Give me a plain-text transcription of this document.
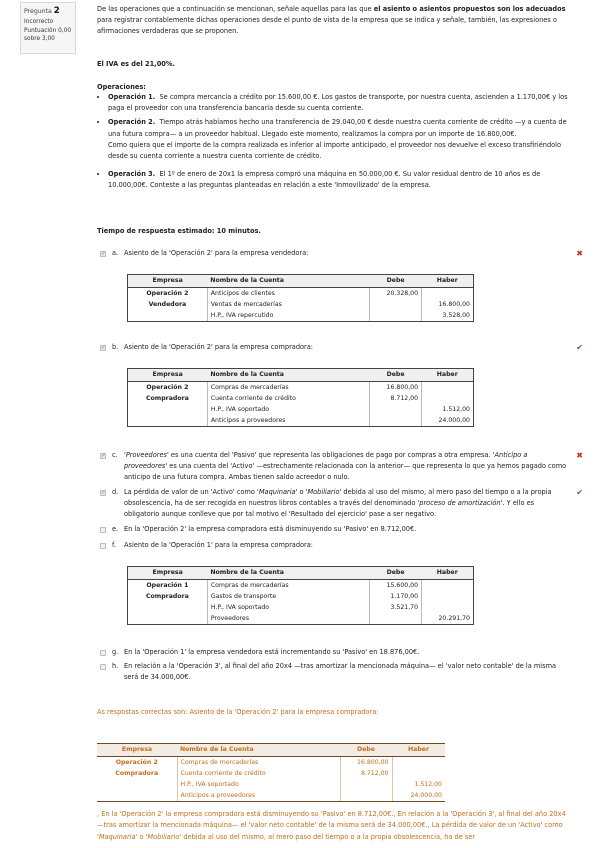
Pregunta 2
Incorrecto
Puntuación 0,00 sobre 3,00

De las operaciones que a continuación se mencionan, señale aquellas para las que el asiento o asientos propuestos son los adecuados para registrar contablemente dichas operaciones desde el punto de vista de la empresa que se indica y señale, también, las expresiones o afirmaciones verdaderas que se proponen.

El IVA es del 21,00%.

Operaciones:

• Operación 1. Se compra mercancía a crédito por 15.600,00 €. Los gastos de transporte, por nuestra cuenta, ascienden a 1.170,00€ y los paga el proveedor con una transferencia bancaria desde su cuenta corriente.
• Operación 2. Tiempo atrás habíamos hecho una transferencia de 29.040,00 € desde nuestra cuenta corriente de crédito —y a cuenta de una futura compra— a un proveedor habitual. Llegado este momento, realizamos la compra por un importe de 16.800,00€.
Como quiera que el importe de la compra realizada es inferior al importe anticipado, el proveedor nos devuelve el exceso transfiriéndolo desde su cuenta corriente a nuestra cuenta corriente de crédito.
• Operación 3. El 1º de enero de 20x1 la empresa compró una máquina en 50.000,00 €. Su valor residual dentro de 10 años es de 10.000,00€. Conteste a las preguntas planteadas en relación a este 'Inmovilizado' de la empresa.

Tiempo de respuesta estimado: 10 minutos.

✓
a. Asiento de la 'Operación 2' para la empresa vendedora:	✖
Empresa	Nombre de la Cuenta	Debe	Haber
Operación 2	Anticipos de clientes	20.328,00	
Vendedora	Ventas de mercaderías		16.800,00
	H.P., IVA repercutido		3.528,00
✓
b. Asiento de la 'Operación 2' para la empresa compradora:	✔
Empresa	Nombre de la Cuenta	Debe	Haber
Operación 2	Compras de mercaderías	16.800,00	
Compradora	Cuenta corriente de crédito	8.712,00	
	H.P., IVA soportado		1.512,00
	Anticipos a proveedores		24.000,00
✓
c. 'Proveedores' es una cuenta del 'Pasivo' que representa las obligaciones de pago por compras a otra empresa. 'Anticipo a proveedores' es una cuenta del 'Activo' —estrechamente relacionada con la anterior— que representa lo que ya hemos pagado como anticipo de una futura compra. Ambas tienen saldo acreedor o nulo.
✖
✓
d. La pérdida de valor de un 'Activo' como 'Maquinaria' o 'Mobiliario' debida al uso del mismo, al mero paso del tiempo o a la propia obsolescencia, ha de ser recogida en nuestros libros contables a través del denominado 'proceso de amortización'. Y ello es obligatorio aunque conlleve que por tal motivo el 'Resultado del ejercicio' pase a ser negativo.
✔
e. En la 'Operación 2' la empresa compradora está disminuyendo su 'Pasivo' en 8.712,00€.
f.	Asiento de la 'Operación 1' para la empresa compradora:
Empresa	Nombre de la Cuenta	Debe	Haber
Operación 1	Compras de mercaderías	15.600,00	
Compradora	Gastos de transporte	1.170,00	
	H.P., IVA soportado	3.521,70	
	Proveedores		20.291,70
g. En la 'Operación 1' la empresa vendedora está incrementando su 'Pasivo' en 18.876,00€.
h. En relación a la 'Operación 3', al final del año 20x4 —tras amortizar la mencionada máquina— el 'valor neto contable' de la misma será de 34.000,00€.

As respostas correctas son: Asiento de la 'Operación 2' para la empresa compradora:

Empresa	Nombre de la Cuenta	Debe	Haber
Operación 2	Compras de mercaderías	16.800,00	
Compradora	Cuenta corriente de crédito	8.712,00	
	H.P., IVA soportado		1.512,00
	Anticipos a proveedores		24.000,00

, En la 'Operación 2' la empresa compradora está disminuyendo su 'Pasivo' en 8.712,00€., En relación a la 'Operación 3', al final del año 20x4 —tras amortizar la mencionada máquina— el 'valor neto contable' de la misma será de 34.000,00€., La pérdida de valor de un 'Activo' como 'Maquinaria' o 'Mobiliario' debida al uso del mismo, al mero paso del tiempo o a la propia obsolescencia, ha de ser
